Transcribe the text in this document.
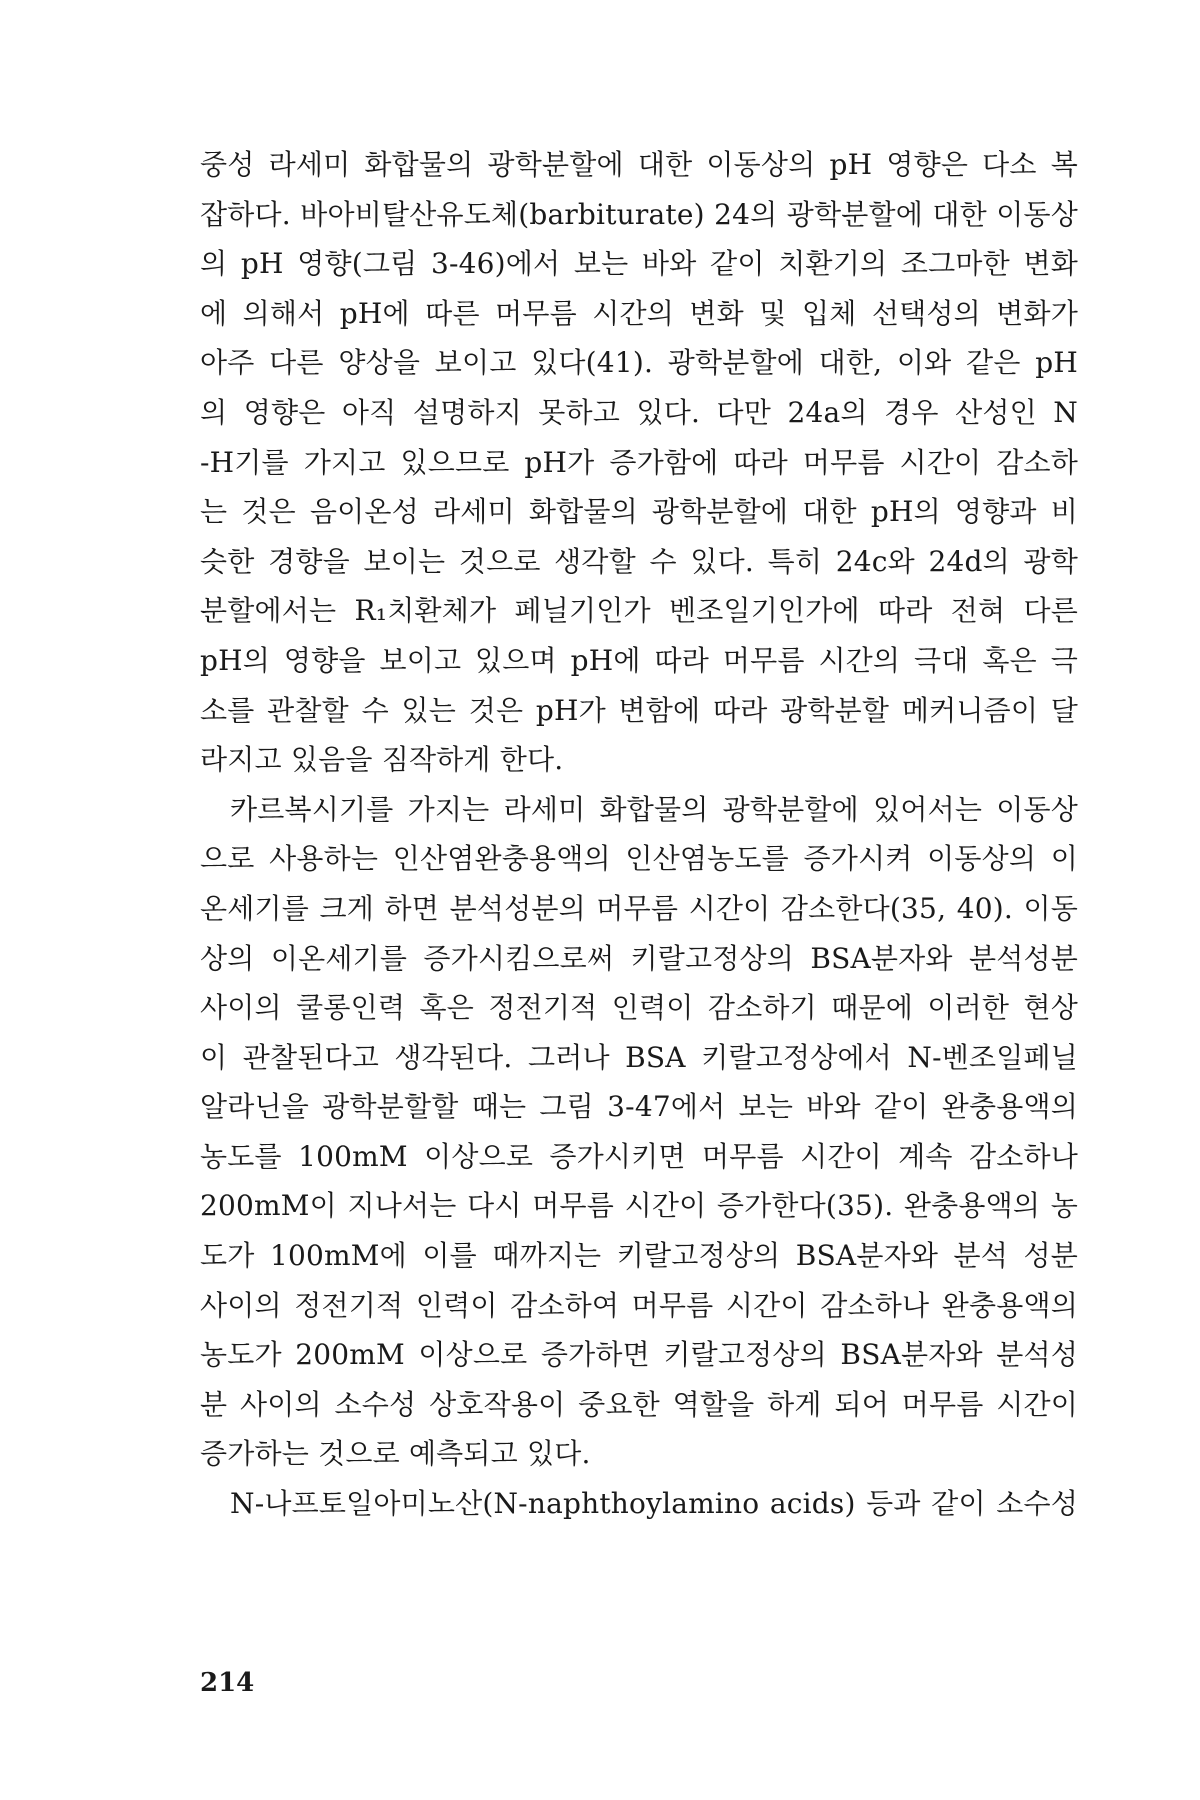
중성 라세미 화합물의 광학분할에 대한 이동상의 pH 영향은 다소 복
잡하다. 바아비탈산유도체(barbiturate) 24의 광학분할에 대한 이동상
의 pH 영향(그림 3-46)에서 보는 바와 같이 치환기의 조그마한 변화
에 의해서 pH에 따른 머무름 시간의 변화 및 입체 선택성의 변화가
아주 다른 양상을 보이고 있다(41). 광학분할에 대한, 이와 같은 pH
의 영향은 아직 설명하지 못하고 있다. 다만 24a의 경우 산성인 N
-H기를 가지고 있으므로 pH가 증가함에 따라 머무름 시간이 감소하
는 것은 음이온성 라세미 화합물의 광학분할에 대한 pH의 영향과 비
슷한 경향을 보이는 것으로 생각할 수 있다. 특히 24c와 24d의 광학
분할에서는 R₁치환체가 페닐기인가 벤조일기인가에 따라 전혀 다른
pH의 영향을 보이고 있으며 pH에 따라 머무름 시간의 극대 혹은 극
소를 관찰할 수 있는 것은 pH가 변함에 따라 광학분할 메커니즘이 달
라지고 있음을 짐작하게 한다.
카르복시기를 가지는 라세미 화합물의 광학분할에 있어서는 이동상
으로 사용하는 인산염완충용액의 인산염농도를 증가시켜 이동상의 이
온세기를 크게 하면 분석성분의 머무름 시간이 감소한다(35, 40). 이동
상의 이온세기를 증가시킴으로써 키랄고정상의 BSA분자와 분석성분
사이의 쿨롱인력 혹은 정전기적 인력이 감소하기 때문에 이러한 현상
이 관찰된다고 생각된다. 그러나 BSA 키랄고정상에서 N-벤조일페닐
알라닌을 광학분할할 때는 그림 3-47에서 보는 바와 같이 완충용액의
농도를 100mM 이상으로 증가시키면 머무름 시간이 계속 감소하나
200mM이 지나서는 다시 머무름 시간이 증가한다(35). 완충용액의 농
도가 100mM에 이를 때까지는 키랄고정상의 BSA분자와 분석 성분
사이의 정전기적 인력이 감소하여 머무름 시간이 감소하나 완충용액의
농도가 200mM 이상으로 증가하면 키랄고정상의 BSA분자와 분석성
분 사이의 소수성 상호작용이 중요한 역할을 하게 되어 머무름 시간이
증가하는 것으로 예측되고 있다.
N-나프토일아미노산(N-naphthoylamino acids) 등과 같이 소수성
214
